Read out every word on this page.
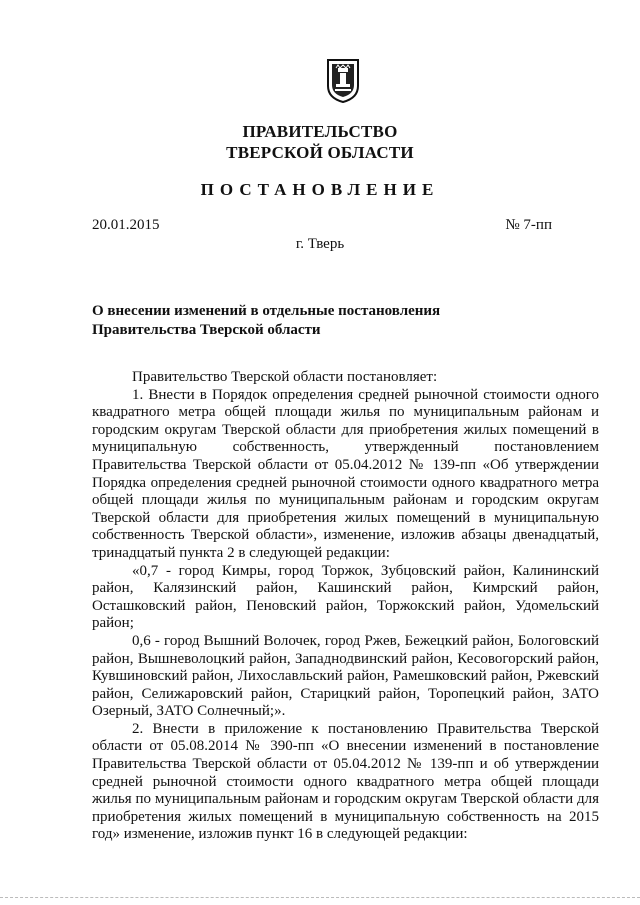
ПРАВИТЕЛЬСТВО
ТВЕРСКОЙ ОБЛАСТИ
ПОСТАНОВЛЕНИЕ
20.01.2015	№ 7-пп
г. Тверь
О внесении изменений в отдельные постановления
Правительства Тверской области

Правительство Тверской области постановляет:

1. Внести в Порядок определения средней рыночной стоимости одного квадратного метра общей площади жилья по муниципальным районам и городским округам Тверской области для приобретения жилых помещений в муниципальную собственность, утвержденный постановлением Правительства Тверской области от 05.04.2012 № 139-пп «Об утверждении Порядка определения средней рыночной стоимости одного квадратного метра общей площади жилья по муниципальным районам и городским округам Тверской области для приобретения жилых помещений в муниципальную собственность Тверской области», изменение, изложив абзацы двенадцатый, тринадцатый пункта 2 в следующей редакции:

«0,7 - город Кимры, город Торжок, Зубцовский район, Калининский район, Калязинский район, Кашинский район, Кимрский район, Осташковский район, Пеновский район, Торжокский район, Удомельский район;

0,6 - город Вышний Волочек, город Ржев, Бежецкий район, Бологовский район, Вышневолоцкий район, Западнодвинский район, Кесовогорский район, Кувшиновский район, Лихославльский район, Рамешковский район, Ржевский район, Селижаровский район, Старицкий район, Торопецкий район, ЗАТО Озерный, ЗАТО Солнечный;».

2. Внести в приложение к постановлению Правительства Тверской области от 05.08.2014 № 390-пп «О внесении изменений в постановление Правительства Тверской области от 05.04.2012 № 139-пп и об утверждении средней рыночной стоимости одного квадратного метра общей площади жилья по муниципальным районам и городским округам Тверской области для приобретения жилых помещений в муниципальную собственность на 2015 год» изменение, изложив пункт 16 в следующей редакции:
